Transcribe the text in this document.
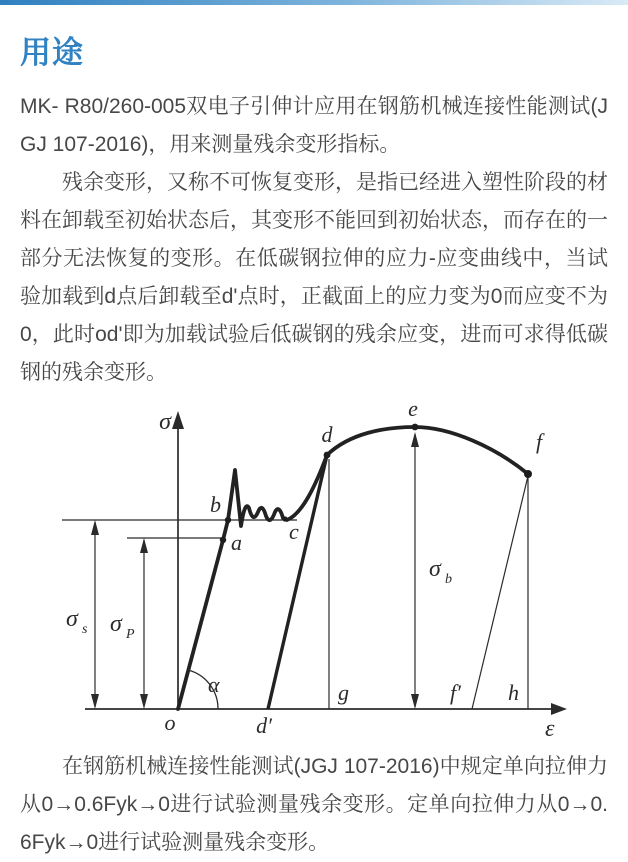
用途

MK- R80/260-005双电子引伸计应用在钢筋机械连接性能测试(JGJ 107-2016)，用来测量残余变形指标。

残余变形，又称不可恢复变形，是指已经进入塑性阶段的材料在卸载至初始状态后，其变形不能回到初始状态，而存在的一部分无法恢复的变形。在低碳钢拉伸的应力-应变曲线中，当试验加载到d点后卸载至d'点时，正截面上的应力变为0而应变不为0，此时od'即为加载试验后低碳钢的残余应变，进而可求得低碳钢的残余变形。

σ
ε
o
a
b
c
d
e
f
d′
g	f′ h
α
σ s σ P
σ b

在钢筋机械连接性能测试(JGJ 107-2016)中规定单向拉伸力从0→0.6Fyk→0进行试验测量残余变形。定单向拉伸力从0→0.6Fyk→0进行试验测量残余变形。
